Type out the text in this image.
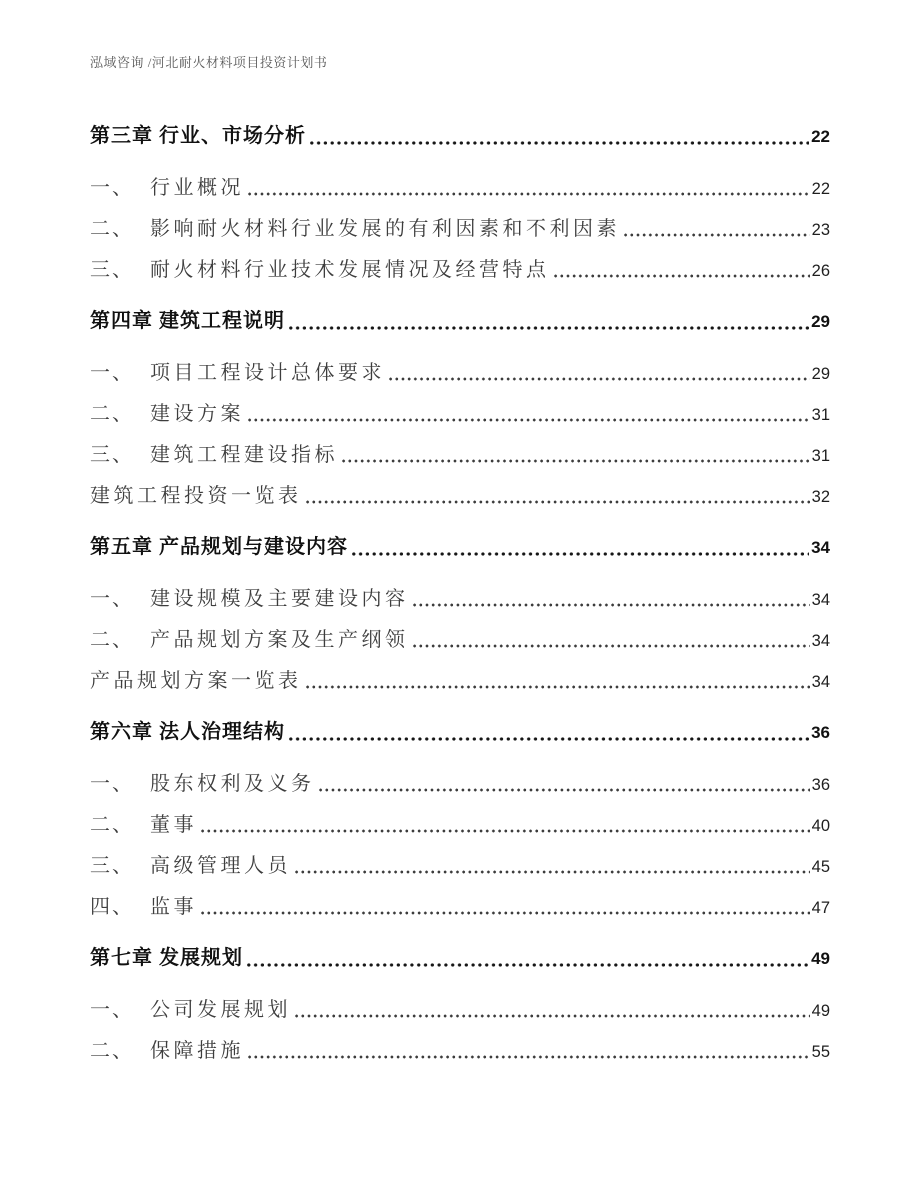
泓域咨询 /河北耐火材料项目投资计划书
第三章 行业、市场分析	22
一、 行业概况	22
二、 影响耐火材料行业发展的有利因素和不利因素	23
三、 耐火材料行业技术发展情况及经营特点	26
第四章 建筑工程说明	29
一、 项目工程设计总体要求	29
二、 建设方案	31
三、 建筑工程建设指标	31
建筑工程投资一览表	32
第五章 产品规划与建设内容	34
一、 建设规模及主要建设内容	34
二、 产品规划方案及生产纲领	34
产品规划方案一览表	34
第六章 法人治理结构	36
一、 股东权利及义务	36
二、 董事	40
三、 高级管理人员	45
四、 监事	47
第七章 发展规划	49
一、 公司发展规划	49
二、 保障措施	55
